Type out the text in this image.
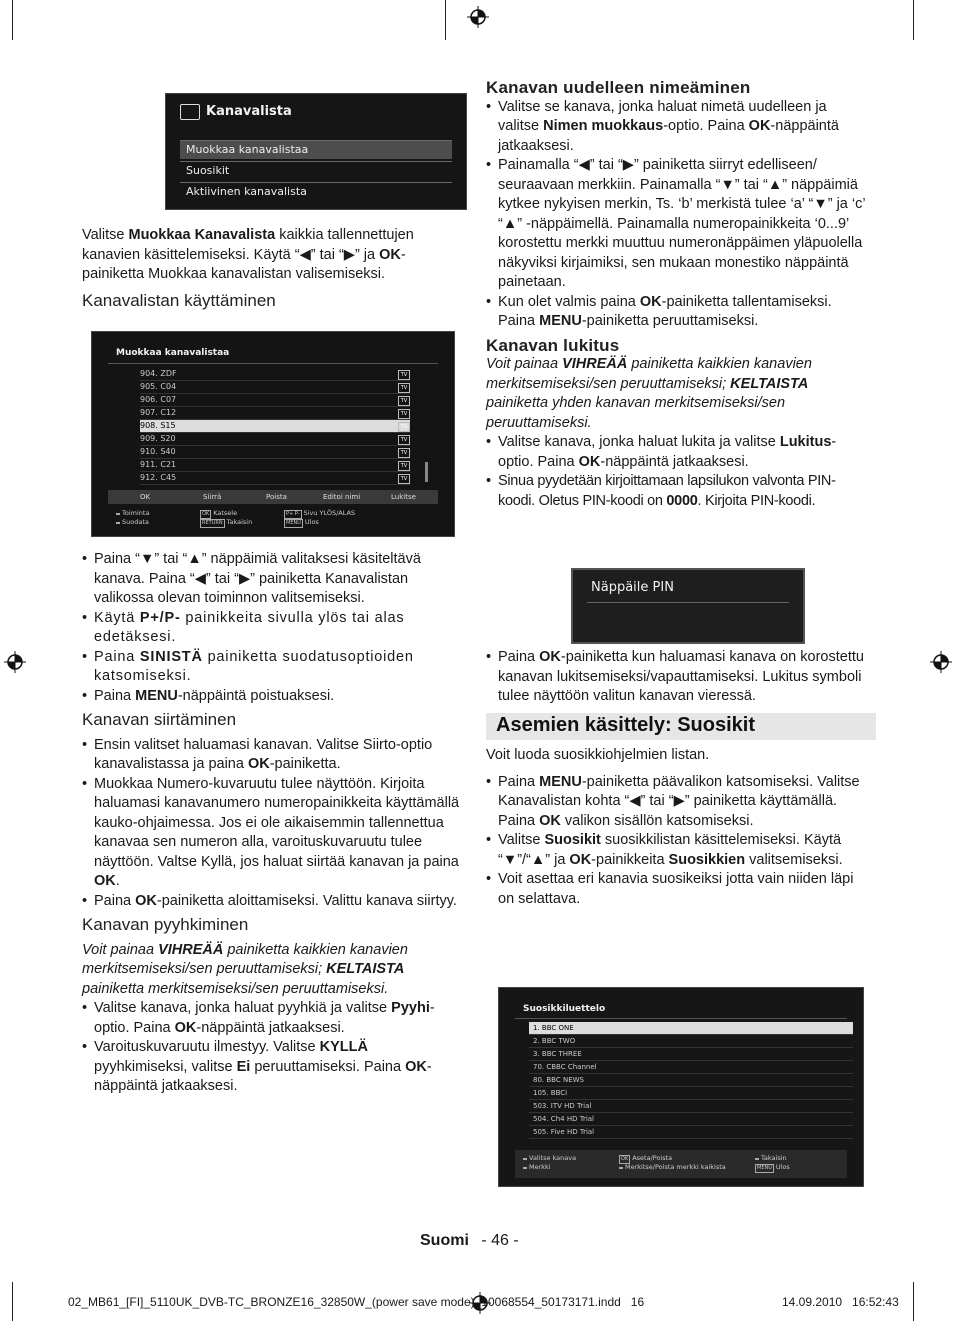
Kanavalista
Muokkaa kanavalistaa
Suosikit
Aktiivinen kanavalista

Valitse Muokkaa Kanavalista kaikkia tallennettujen kanavien käsittelemiseksi. Käytä “◀” tai “▶” ja OK-painiketta Muokkaa kanavalistan valisemiseksi.

Kanavalistan käyttäminen

Muokkaa kanavalistaa
904. ZDF	TV
905. C04	TV
906. C07	TV
907. C12	TV
908. S15	TV
909. S20	TV
910. S40	TV
911. C21	TV
912. C45	TV
OK	Siirrä	Poista	Editoi nimi	Lukitse
Toiminta
Suodata
OK Katsele
RETURN Takaisin
P+ P- Sivu YLÖS/ALAS
MENU Ulos

• Paina “▼” tai “▲” näppäimiä valitaksesi käsiteltävä kanava. Paina “◀” tai “▶” painiketta Kanavalistan valikossa olevan toiminnon valitsemiseksi.

• Käytä P+/P- painikkeita sivulla ylös tai alas edetäksesi.

• Paina SINISTÄ painiketta suodatusoptioiden katsomiseksi.

• Paina MENU-näppäintä poistuaksesi.

Kanavan siirtäminen

• Ensin valitset haluamasi kanavan. Valitse Siirto-optio kanavalistassa ja paina OK-painiketta.

• Muokkaa Numero-kuvaruutu tulee näyttöön. Kirjoita haluamasi kanavanumero numeropainikkeita käyttämällä kauko-ohjaimessa. Jos ei ole aikaisemmin tallennettua kanavaa sen numeron alla, varoituskuvaruutu tulee näyttöön. Valtse Kyllä, jos haluat siirtää kanavan ja paina OK.

• Paina OK-painiketta aloittamiseksi. Valittu kanava siirtyy.

Kanavan pyyhkiminen

Voit painaa VIHREÄÄ painiketta kaikkien kanavien merkitsemiseksi/sen peruuttamiseksi; KELTAISTA painiketta merkitsemiseksi/sen peruuttamiseksi.

• Valitse kanava, jonka haluat pyyhkiä ja valitse Pyyhi-optio. Paina OK-näppäintä jatkaaksesi.

• Varoituskuvaruutu ilmestyy. Valitse KYLLÄ pyyhkimiseksi, valitse Ei peruuttamiseksi. Paina OK-näppäintä jatkaaksesi.

Kanavan uudelleen nimeäminen

• Valitse se kanava, jonka haluat nimetä uudelleen ja valitse Nimen muokkaus-optio. Paina OK-näppäintä jatkaaksesi.

• Painamalla “◀” tai “▶” painiketta siirryt edelliseen/ seuraavaan merkkiin. Painamalla “▼” tai “▲” näppäimiä kytkee nykyisen merkin, Ts. ‘b’ merkistä tulee ‘a’ “▼” ja ‘c’ “▲” -näppäimellä. Painamalla numeropainikkeita ‘0...9’ korostettu merkki muuttuu numeronäppäimen yläpuolella näkyviksi kirjaimiksi, sen mukaan monestiko näppäintä painetaan.

• Kun olet valmis paina OK-painiketta tallentamiseksi. Paina MENU-painiketta peruuttamiseksi.

Kanavan lukitus

Voit painaa VIHREÄÄ painiketta kaikkien kanavien merkitsemiseksi/sen peruuttamiseksi; KELTAISTA painiketta yhden kanavan merkitsemiseksi/sen peruuttamiseksi.

• Valitse kanava, jonka haluat lukita ja valitse Lukitus-optio. Paina OK-näppäintä jatkaaksesi.

• Sinua pyydetään kirjoittamaan lapsilukon valvonta PIN-koodi. Oletus PIN-koodi on 0000. Kirjoita PIN-koodi.

Näppäile PIN

• Paina OK-painiketta kun haluamasi kanava on korostettu kanavan lukitsemiseksi/vapauttamiseksi. Lukitus symboli tulee näyttöön valitun kanavan vieressä.

Asemien käsittely: Suosikit

Voit luoda suosikkiohjelmien listan.

• Paina MENU-painiketta päävalikon katsomiseksi. Valitse Kanavalistan kohta “◀” tai “▶” painiketta käyttämällä. Paina OK valikon sisällön katsomiseksi.

• Valitse Suosikit suosikkilistan käsittelemiseksi. Käytä “▼”/“▲” ja OK-painikkeita Suosikkien valitsemiseksi.

• Voit asettaa eri kanavia suosikeiksi jotta vain niiden läpi on selattava.

Suosikkiluettelo
1. BBC ONE
2. BBC TWO
3. BBC THREE
70. CBBC Channel
80. BBC NEWS
105. BBCi
503. ITV HD Trial
504. Ch4 HD Trial
505. Five HD Trial
Valitse kanava
Merkki
OK Aseta/Poista
Merkitse/Poista merkki kaikista
Takaisin
MENU Ulos
Suomi - 46 -
02_MB61_[FI]_5110UK_DVB-TC_BRONZE16_32850W_(power save mode)_10068554_50173171.indd   16	14.09.2010   16:52:43
